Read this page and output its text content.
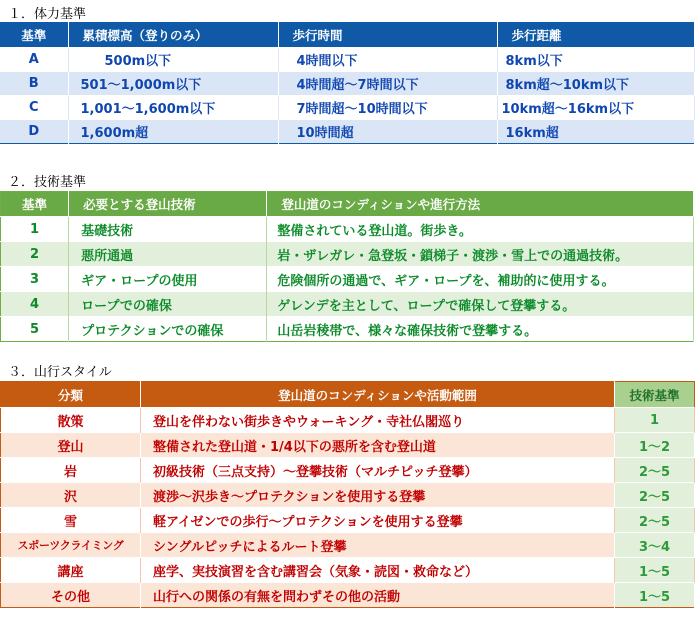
１．体力基準
基準	累積標高（登りのみ）	歩行時間	歩行距離
A	500m以下	4時間以下	8km以下
B	501～1,000m以下	4時間超～7時間以下	8km超～10km以下
C	1,001～1,600m以下	7時間超～10時間以下	10km超～16km以下
D	1,600m超	10時間超	16km超
２．技術基準
基準	必要とする登山技術	登山道のコンディションや進行方法
1	基礎技術	整備されている登山道。街歩き。
2	悪所通過	岩・ザレガレ・急登坂・鎖梯子・渡渉・雪上での通過技術。
3	ギア・ロープの使用	危険個所の通過で、ギア・ロープを、補助的に使用する。
4	ロープでの確保	ゲレンデを主として、ロープで確保して登攀する。
5	プロテクションでの確保	山岳岩稜帯で、様々な確保技術で登攀する。
３．山行スタイル
分類	登山道のコンディションや活動範囲	技術基準
散策	登山を伴わない街歩きやウォーキング・寺社仏閣巡り	1
登山	整備された登山道・1/4以下の悪所を含む登山道	1～2
岩	初級技術（三点支持）～登攀技術（マルチピッチ登攀）	2～5
沢	渡渉～沢歩き～プロテクションを使用する登攀	2～5
雪	軽アイゼンでの歩行～プロテクションを使用する登攀	2～5
スポーツクライミング	シングルピッチによるルート登攀	3～4
講座	座学、実技演習を含む講習会（気象・読図・救命など）	1～5
その他	山行への関係の有無を問わずその他の活動	1～5
